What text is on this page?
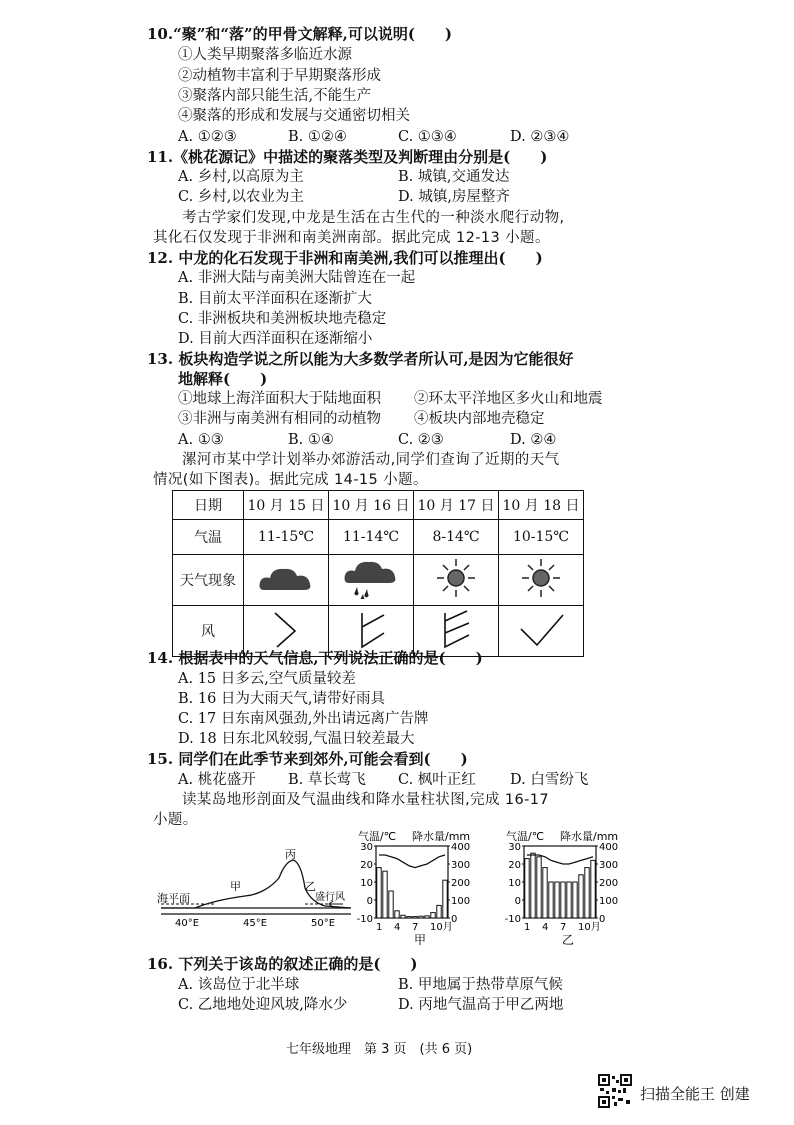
10.“聚”和“落”的甲骨文解释,可以说明(　　)
①人类早期聚落多临近水源
②动植物丰富利于早期聚落形成
③聚落内部只能生活,不能生产
④聚落的形成和发展与交通密切相关
A. ①②③	B. ①②④	C. ①③④	D. ②③④
11.《桃花源记》中描述的聚落类型及判断理由分别是(　　)
A. 乡村,以高原为主	B. 城镇,交通发达
C. 乡村,以农业为主	D. 城镇,房屋整齐
考古学家们发现,中龙是生活在古生代的一种淡水爬行动物,
其化石仅发现于非洲和南美洲南部。据此完成 12-13 小题。
12. 中龙的化石发现于非洲和南美洲,我们可以推理出(　　)
A. 非洲大陆与南美洲大陆曾连在一起
B. 目前太平洋面积在逐渐扩大
C. 非洲板块和美洲板块地壳稳定
D. 目前大西洋面积在逐渐缩小
13. 板块构造学说之所以能为大多数学者所认可,是因为它能很好
地解释(　　)
①地球上海洋面积大于陆地面积 ②环太平洋地区多火山和地震
③非洲与南美洲有相同的动植物 ④板块内部地壳稳定
A. ①③	B. ①④	C. ②③	D. ②④
漯河市某中学计划举办郊游活动,同学们查询了近期的天气
情况(如下图表)。据此完成 14-15 小题。
日期	10 月 15 日	10 月 16 日	10 月 17 日	10 月 18 日
气温	11-15℃	11-14℃	8-14℃	10-15℃
天气现象				
风				
14. 根据表中的天气信息,下列说法正确的是(　　)
A. 15 日多云,空气质量较差
B. 16 日为大雨天气,请带好雨具
C. 17 日东南风强劲,外出请远离广告牌
D. 18 日东北风较弱,气温日较差最大
15. 同学们在此季节来到郊外,可能会看到(　　)
A. 桃花盛开 B. 草长莺飞 C. 枫叶正红 D. 白雪纷飞
读某岛地形剖面及气温曲线和降水量柱状图,完成 16-17
小题。
海平面
甲
丙
乙
盛行风
40°E	45°E	50°E
气温/℃ 降水量/mm
甲
30
20
10
0
-10
400
300
200
100
0
1 4 7 10月
气温/℃ 降水量/mm
乙
30
20
10
0
-10
400
300
200
100
0
1 4 7 10月
16. 下列关于该岛的叙述正确的是(　　)
A. 该岛位于北半球	B. 甲地属于热带草原气候
C. 乙地地处迎风坡,降水少	D. 丙地气温高于甲乙两地
七年级地理　第 3 页　(共 6 页)
扫描全能王 创建
